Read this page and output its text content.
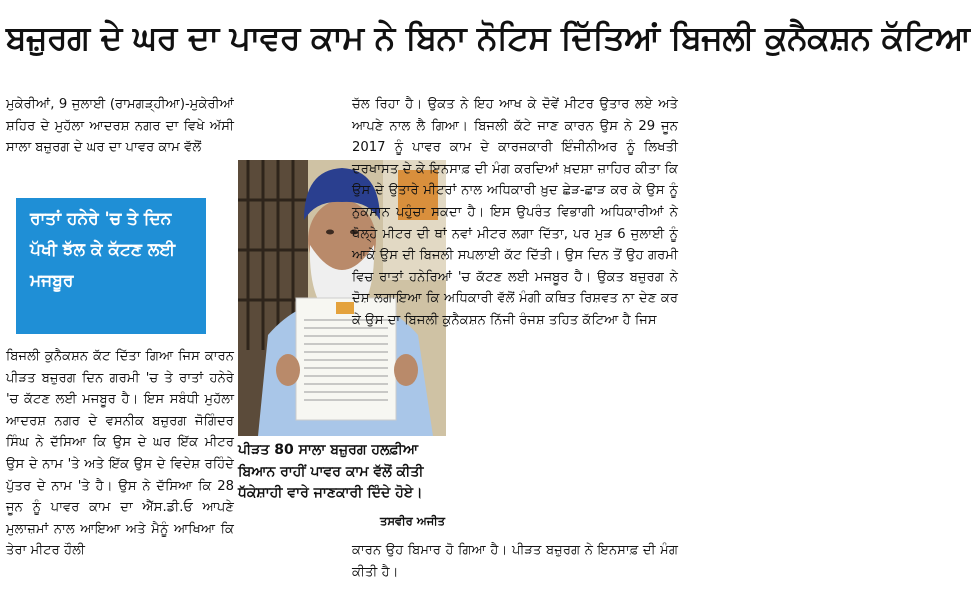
ਬਜ਼ੁਰਗ ਦੇ ਘਰ ਦਾ ਪਾਵਰ ਕਾਮ ਨੇ ਬਿਨਾ ਨੋਟਿਸ ਦਿੱਤਿਆਂ ਬਿਜਲੀ ਕੁਨੈਕਸ਼ਨ ਕੱਟਿਆ

ਮੁਕੇਰੀਆਂ, 9 ਜੁਲਾਈ (ਰਾਮਗੜ੍ਹੀਆ)-ਮੁਕੇਰੀਆਂ ਸ਼ਹਿਰ ਦੇ ਮੁਹੱਲਾ ਆਦਰਸ਼ ਨਗਰ ਦਾ ਵਿਖੇ ਅੱਸੀ ਸਾਲਾ ਬਜ਼ੁਰਗ ਦੇ ਘਰ ਦਾ ਪਾਵਰ ਕਾਮ ਵੱਲੋਂ

ਰਾਤਾਂ ਹਨੇਰੇ 'ਚ ਤੇ ਦਿਨ ਪੱਖੀ ਝੱਲ ਕੇ ਕੱਟਣ ਲਈ ਮਜਬੂਰ

ਬਿਜਲੀ ਕੁਨੈਕਸ਼ਨ ਕੱਟ ਦਿੱਤਾ ਗਿਆ ਜਿਸ ਕਾਰਨ ਪੀੜਤ ਬਜ਼ੁਰਗ ਦਿਨ ਗਰਮੀ 'ਚ ਤੇ ਰਾਤਾਂ ਹਨੇਰੇ 'ਚ ਕੱਟਣ ਲਈ ਮਜਬੂਰ ਹੈ। ਇਸ ਸਬੰਧੀ ਮੁਹੱਲਾ ਆਦਰਸ਼ ਨਗਰ ਦੇ ਵਸਨੀਕ ਬਜ਼ੁਰਗ ਜੋਗਿੰਦਰ ਸਿੰਘ ਨੇ ਦੱਸਿਆ ਕਿ ਉਸ ਦੇ ਘਰ ਇੱਕ ਮੀਟਰ ਉਸ ਦੇ ਨਾਮ 'ਤੇ ਅਤੇ ਇੱਕ ਉਸ ਦੇ ਵਿਦੇਸ਼ ਰਹਿੰਦੇ ਪੁੱਤਰ ਦੇ ਨਾਮ 'ਤੇ ਹੈ। ਉਸ ਨੇ ਦੱਸਿਆ ਕਿ 28 ਜੂਨ ਨੂੰ ਪਾਵਰ ਕਾਮ ਦਾ ਐੱਸ.ਡੀ.ਓ ਆਪਣੇ ਮੁਲਾਜ਼ਮਾਂ ਨਾਲ ਆਇਆ ਅਤੇ ਮੈਨੂੰ ਆਖਿਆ ਕਿ ਤੇਰਾ ਮੀਟਰ ਹੌਲੀ

ਪੀੜਤ 80 ਸਾਲਾ ਬਜ਼ੁਰਗ ਹਲਫ਼ੀਆ ਬਿਆਨ ਰਾਹੀਂ ਪਾਵਰ ਕਾਮ ਵੱਲੋਂ ਕੀਤੀ ਧੱਕੇਸ਼ਾਹੀ ਵਾਰੇ ਜਾਣਕਾਰੀ ਦਿੰਦੇ ਹੋਏ।
ਤਸਵੀਰ ਅਜੀਤ

ਚੱਲ ਰਿਹਾ ਹੈ। ਉਕਤ ਨੇ ਇਹ ਆਖ ਕੇ ਦੋਵੇਂ ਮੀਟਰ ਉਤਾਰ ਲਏ ਅਤੇ ਆਪਣੇ ਨਾਲ ਲੈ ਗਿਆ। ਬਿਜਲੀ ਕੱਟੇ ਜਾਣ ਕਾਰਨ ਉਸ ਨੇ 29 ਜੂਨ 2017 ਨੂੰ ਪਾਵਰ ਕਾਮ ਦੇ ਕਾਰਜਕਾਰੀ ਇੰਜੀਨੀਅਰ ਨੂੰ ਲਿਖਤੀ ਦਰਖਾਸਤ ਦੇ ਕੇ ਇਨਸਾਫ਼ ਦੀ ਮੰਗ ਕਰਦਿਆਂ ਖ਼ਦਸ਼ਾ ਜ਼ਾਹਿਰ ਕੀਤਾ ਕਿ ਉਸ ਦੇ ਉਤਾਰੇ ਮੀਟਰਾਂ ਨਾਲ ਅਧਿਕਾਰੀ ਖ਼ੁਦ ਛੇੜ-ਛਾੜ ਕਰ ਕੇ ਉਸ ਨੂੰ ਨੁਕਸਾਨ ਪਹੁੰਚਾ ਸਕਦਾ ਹੈ। ਇਸ ਉਪਰੰਤ ਵਿਭਾਗੀ ਅਧਿਕਾਰੀਆਂ ਨੇ ਖੋਲ੍ਹੇ ਮੀਟਰ ਦੀ ਥਾਂ ਨਵਾਂ ਮੀਟਰ ਲਗਾ ਦਿੱਤਾ, ਪਰ ਮੁੜ 6 ਜੁਲਾਈ ਨੂੰ ਆਕੇ ਉਸ ਦੀ ਬਿਜਲੀ ਸਪਲਾਈ ਕੱਟ ਦਿੱਤੀ। ਉਸ ਦਿਨ ਤੋਂ ਉਹ ਗਰਮੀ ਵਿਚ ਰਾਤਾਂ ਹਨੇਰਿਆਂ 'ਚ ਕੱਟਣ ਲਈ ਮਜਬੂਰ ਹੈ। ਉਕਤ ਬਜ਼ੁਰਗ ਨੇ ਦੋਸ਼ ਲਗਾਇਆ ਕਿ ਅਧਿਕਾਰੀ ਵੱਲੋਂ ਮੰਗੀ ਕਥਿਤ ਰਿਸ਼ਵਤ ਨਾ ਦੇਣ ਕਰ ਕੇ ਉਸ ਦਾ ਬਿਜਲੀ ਕੁਨੈਕਸ਼ਨ ਨਿੱਜੀ ਰੰਜਸ਼ ਤਹਿਤ ਕੱਟਿਆ ਹੈ ਜਿਸ

ਕਾਰਨ ਉਹ ਬਿਮਾਰ ਹੋ ਗਿਆ ਹੈ। ਪੀੜਤ ਬਜ਼ੁਰਗ ਨੇ ਇਨਸਾਫ਼ ਦੀ ਮੰਗ ਕੀਤੀ ਹੈ।
